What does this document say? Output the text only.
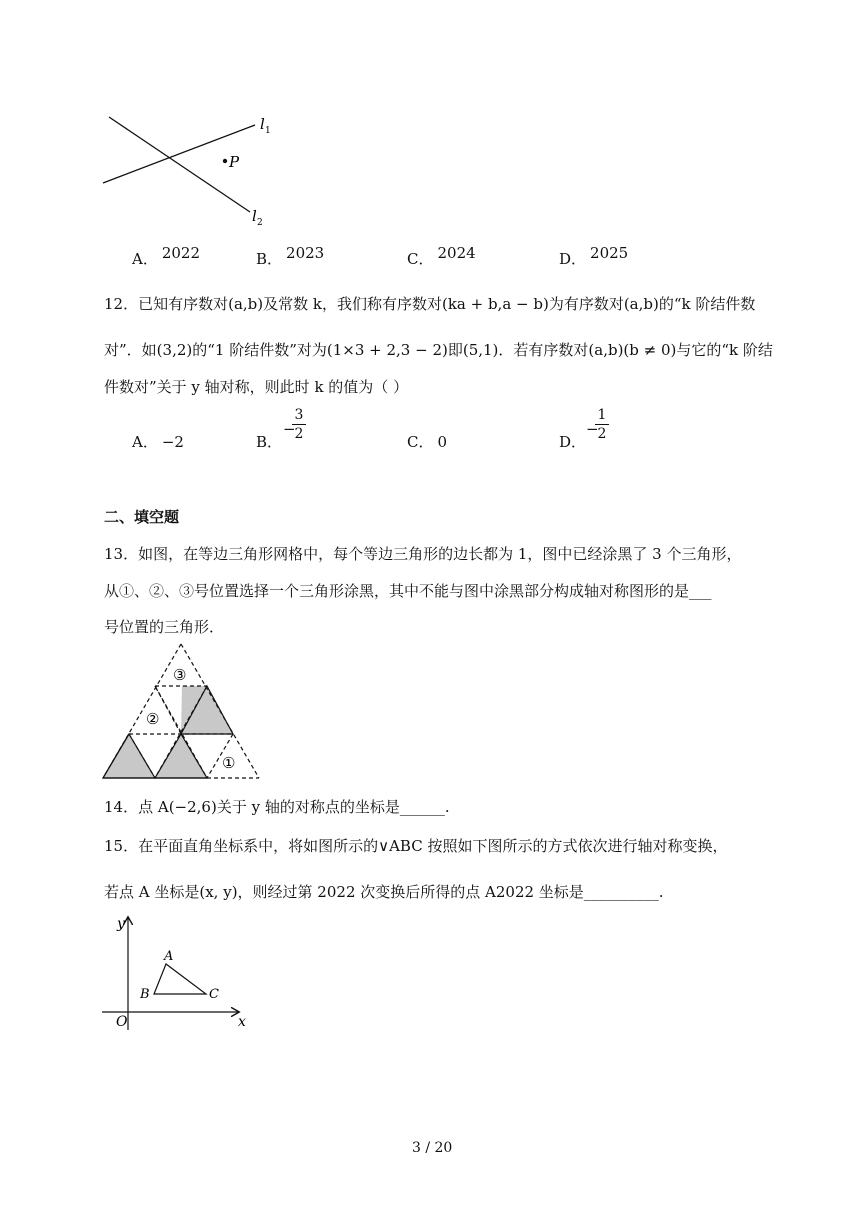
P
l 1
l 2
A． 2022	B． 2023	C． 2024	D． 2025
12．已知有序数对(a,b)及常数 k，我们称有序数对(ka + b,a − b)为有序数对(a,b)的“k 阶结件数
对”．如(3,2)的“1 阶结件数”对为(1×3 + 2,3 − 2)即(5,1)．若有序数对(a,b)(b ≠ 0)与它的“k 阶结
件数对”关于 y 轴对称，则此时 k 的值为（ ）
A． −2	B．
−
3
2	C． 0	D．
−
1
2
二、填空题
13．如图，在等边三角形网格中，每个等边三角形的边长都为 1，图中已经涂黑了 3 个三角形，
从①、②、③号位置选择一个三角形涂黑，其中不能与图中涂黑部分构成轴对称图形的是___
号位置的三角形．
③
②
①
14．点 A(−2,6)关于 y 轴的对称点的坐标是______.
15．在平面直角坐标系中，将如图所示的∨ABC 按照如下图所示的方式依次进行轴对称变换，
若点 A 坐标是(x, y)，则经过第 2022 次变换后所得的点 A2022 坐标是__________.
y
x
O
A
B	C
3 / 20
